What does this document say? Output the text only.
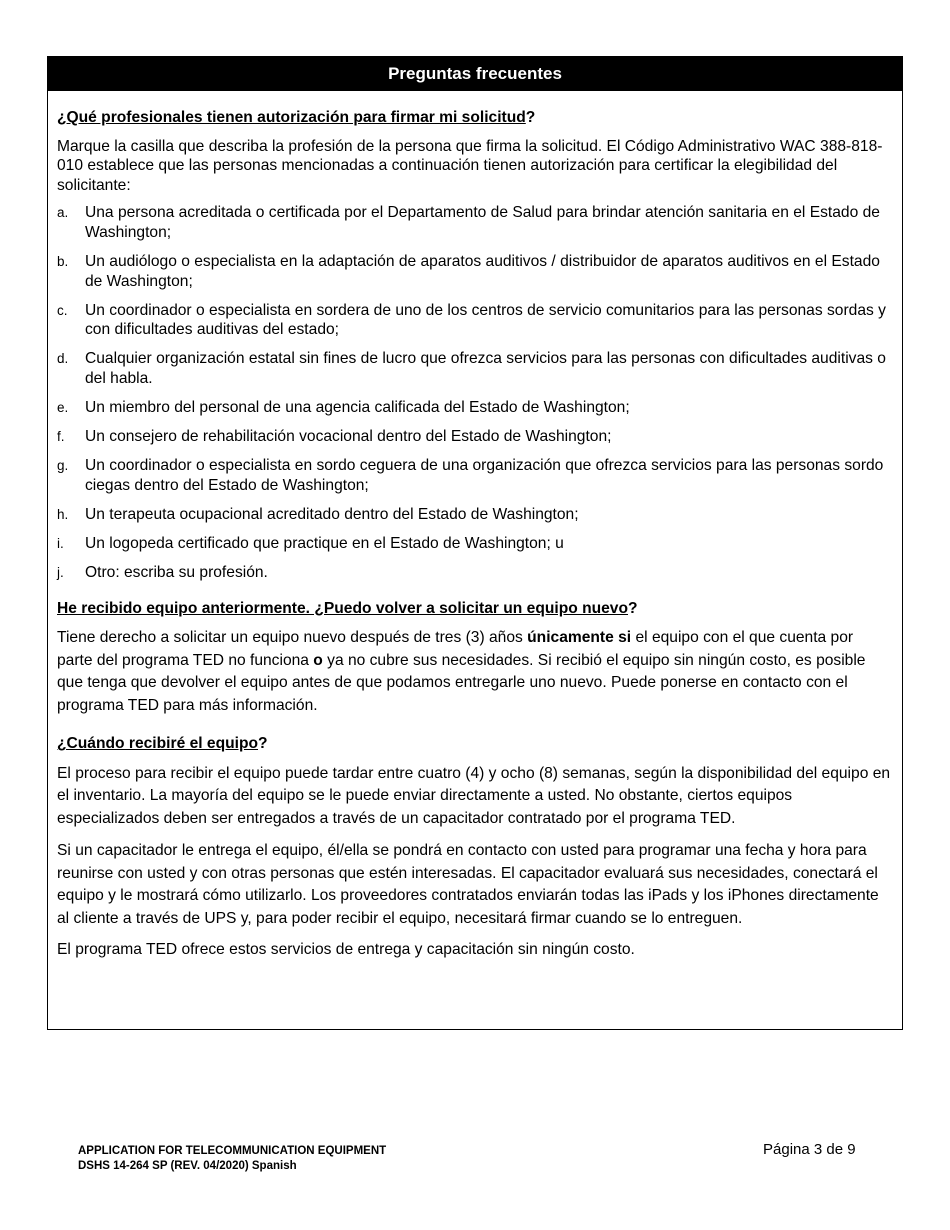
Preguntas frecuentes
¿Qué profesionales tienen autorización para firmar mi solicitud?

Marque la casilla que describa la profesión de la persona que firma la solicitud. El Código Administrativo WAC 388-818-010 establece que las personas mencionadas a continuación tienen autorización para certificar la elegibilidad del solicitante:

a.	Una persona acreditada o certificada por el Departamento de Salud para brindar atención sanitaria en el Estado de Washington;
b.	Un audiólogo o especialista en la adaptación de aparatos auditivos / distribuidor de aparatos auditivos en el Estado de Washington;
c.	Un coordinador o especialista en sordera de uno de los centros de servicio comunitarios para las personas sordas y con dificultades auditivas del estado;
d.	Cualquier organización estatal sin fines de lucro que ofrezca servicios para las personas con dificultades auditivas o del habla.
e.	Un miembro del personal de una agencia calificada del Estado de Washington;
f.	Un consejero de rehabilitación vocacional dentro del Estado de Washington;
g.	Un coordinador o especialista en sordo ceguera de una organización que ofrezca servicios para las personas sordo ciegas dentro del Estado de Washington;
h.	Un terapeuta ocupacional acreditado dentro del Estado de Washington;
i.	Un logopeda certificado que practique en el Estado de Washington; u
j.	Otro: escriba su profesión.
He recibido equipo anteriormente. ¿Puedo volver a solicitar un equipo nuevo?

Tiene derecho a solicitar un equipo nuevo después de tres (3) años únicamente si el equipo con el que cuenta por parte del programa TED no funciona o ya no cubre sus necesidades. Si recibió el equipo sin ningún costo, es posible que tenga que devolver el equipo antes de que podamos entregarle uno nuevo. Puede ponerse en contacto con el programa TED para más información.

¿Cuándo recibiré el equipo?

El proceso para recibir el equipo puede tardar entre cuatro (4) y ocho (8) semanas, según la disponibilidad del equipo en el inventario. La mayoría del equipo se le puede enviar directamente a usted. No obstante, ciertos equipos especializados deben ser entregados a través de un capacitador contratado por el programa TED.

Si un capacitador le entrega el equipo, él/ella se pondrá en contacto con usted para programar una fecha y hora para reunirse con usted y con otras personas que estén interesadas. El capacitador evaluará sus necesidades, conectará el equipo y le mostrará cómo utilizarlo. Los proveedores contratados enviarán todas las iPads y los iPhones directamente al cliente a través de UPS y, para poder recibir el equipo, necesitará firmar cuando se lo entreguen.

El programa TED ofrece estos servicios de entrega y capacitación sin ningún costo.

APPLICATION FOR TELECOMMUNICATION EQUIPMENT
DSHS 14-264 SP (REV. 04/2020) Spanish
Página 3 de 9
